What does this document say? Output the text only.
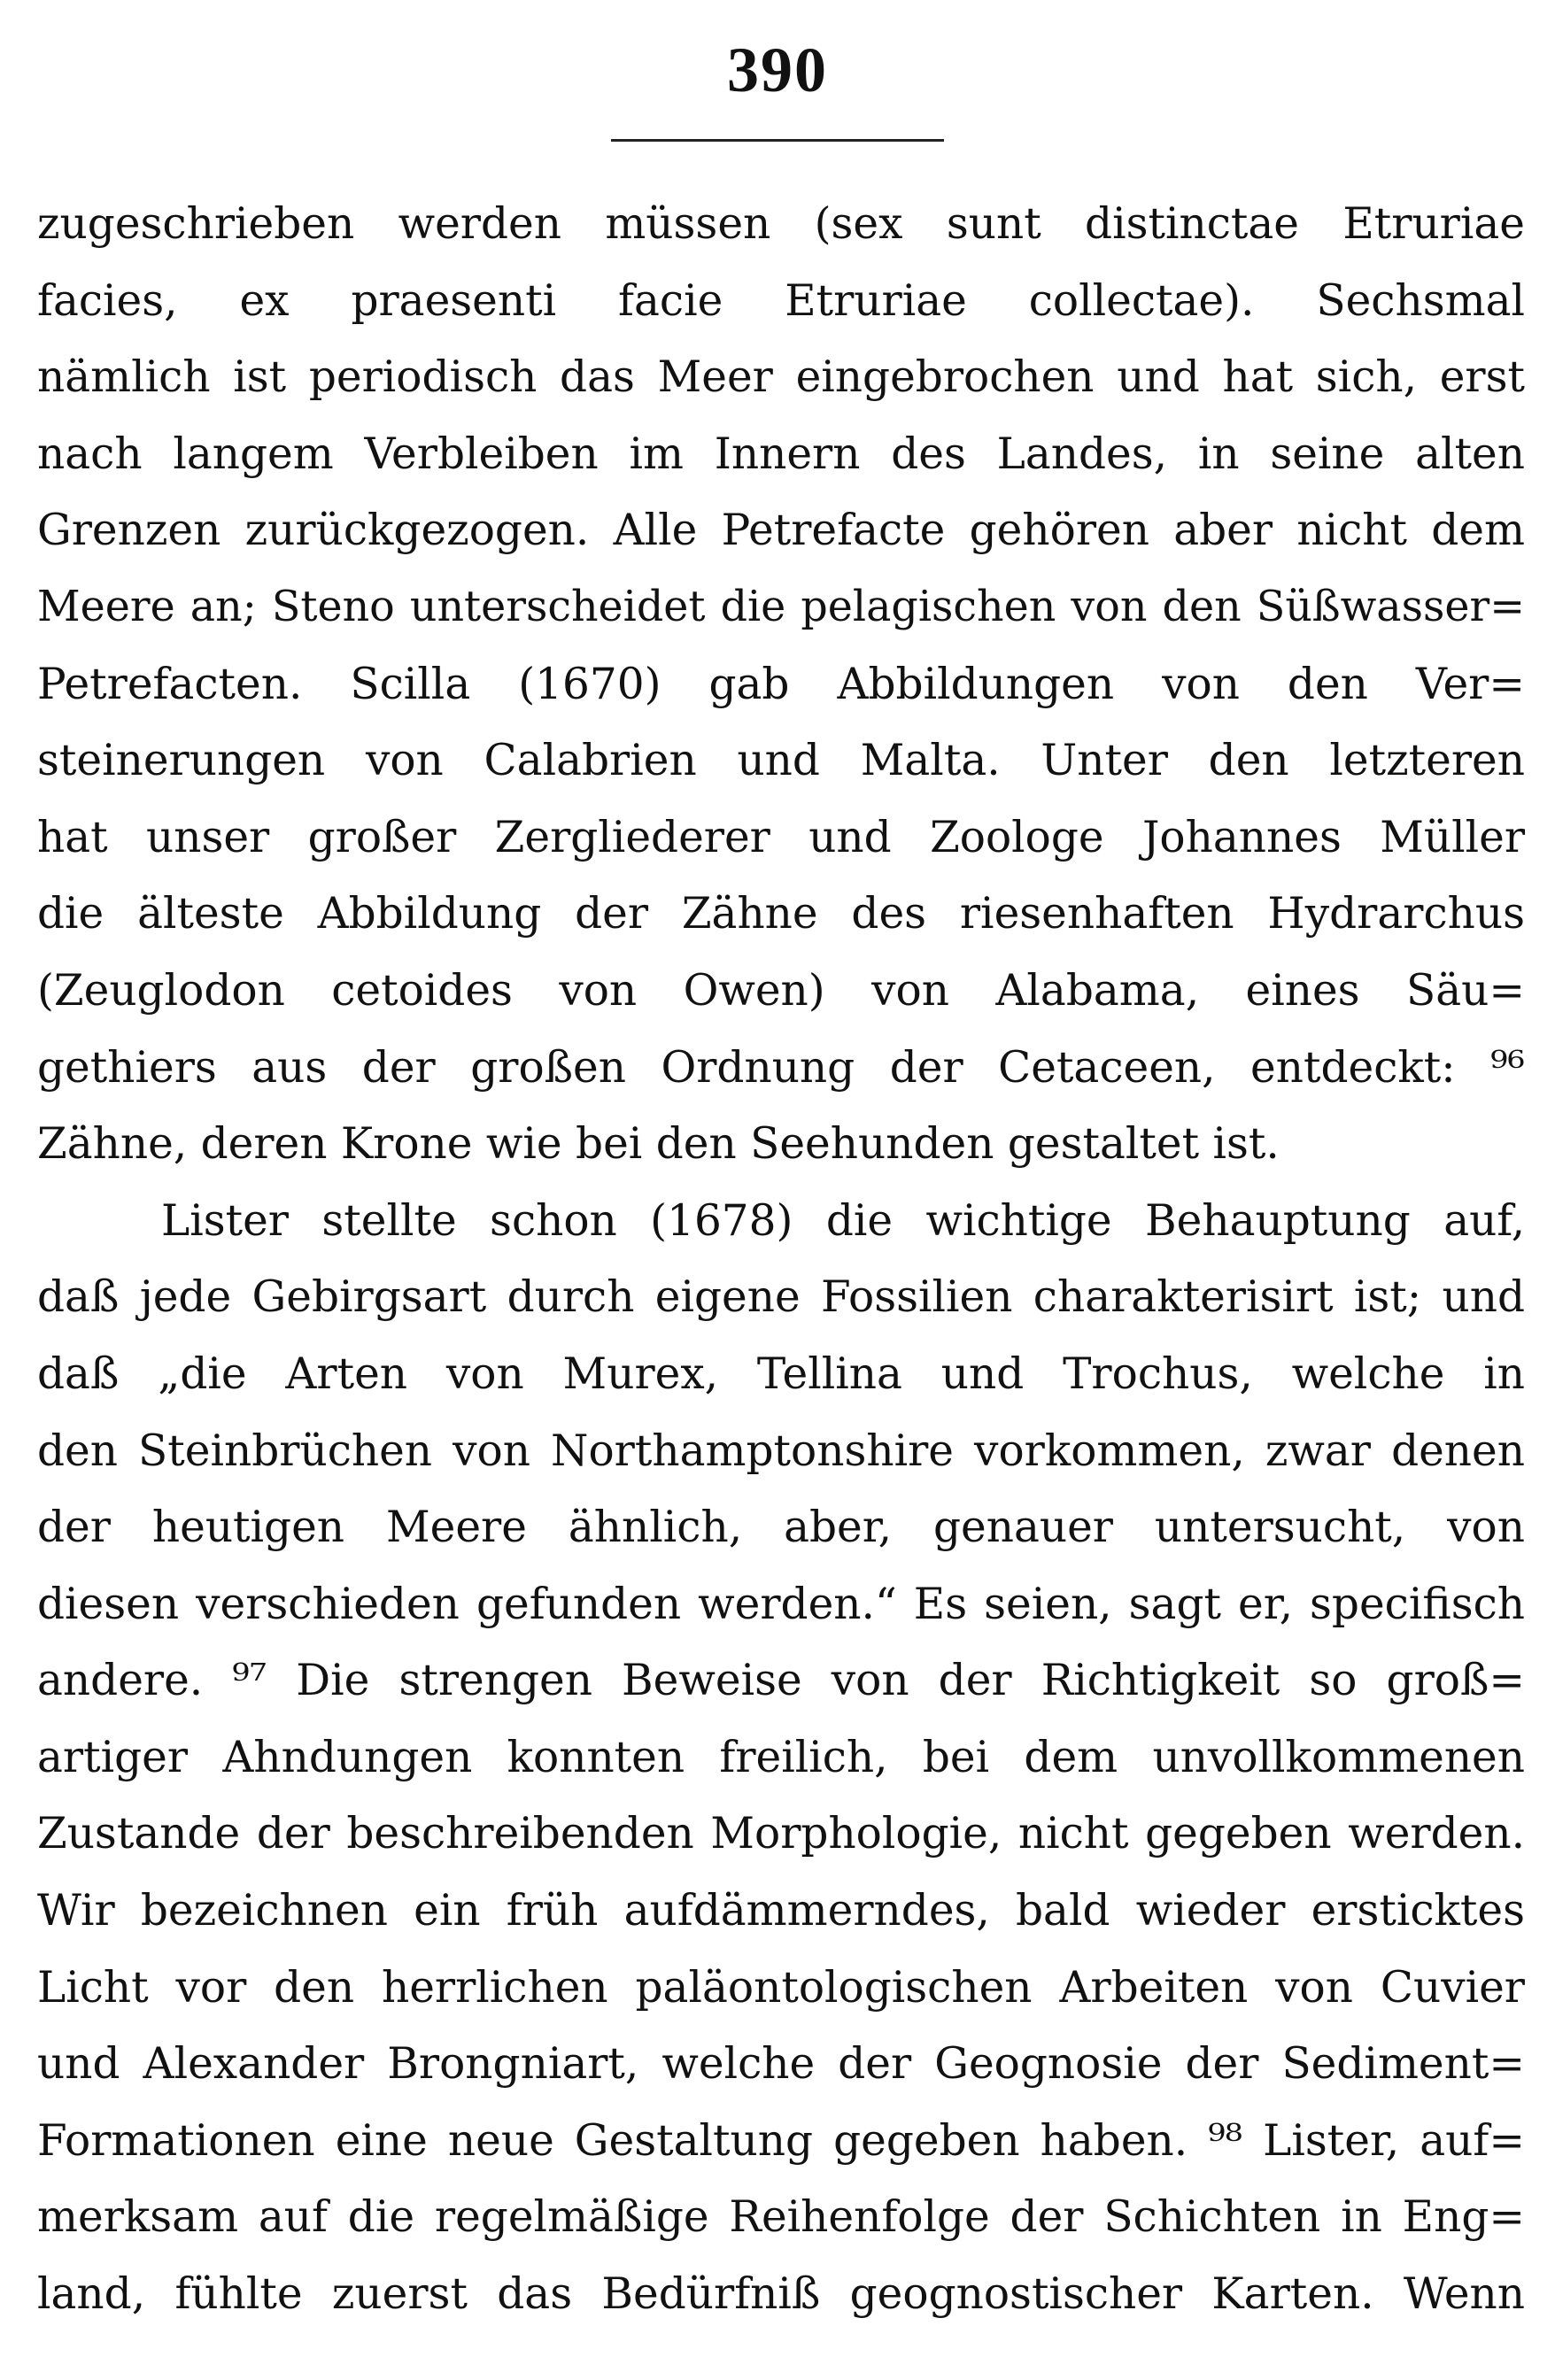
390
zugeschrieben werden müssen (sex sunt distinctae Etruriae
facies, ex praesenti facie Etruriae collectae). Sechsmal
nämlich ist periodisch das Meer eingebrochen und hat sich, erst
nach langem Verbleiben im Innern des Landes, in seine alten
Grenzen zurückgezogen. Alle Petrefacte gehören aber nicht dem
Meere an; Steno unterscheidet die pelagischen von den Süßwasser=
Petrefacten. Scilla (1670) gab Abbildungen von den Ver=
steinerungen von Calabrien und Malta. Unter den letzteren
hat unser großer Zergliederer und Zoologe Johannes Müller
die älteste Abbildung der Zähne des riesenhaften Hydrarchus
(Zeuglodon cetoides von Owen) von Alabama, eines Säu=
gethiers aus der großen Ordnung der Cetaceen, entdeckt: ⁹⁶
Zähne, deren Krone wie bei den Seehunden gestaltet ist.
Lister stellte schon (1678) die wichtige Behauptung auf,
daß jede Gebirgsart durch eigene Fossilien charakterisirt ist; und
daß „die Arten von Murex, Tellina und Trochus, welche in
den Steinbrüchen von Northamptonshire vorkommen, zwar denen
der heutigen Meere ähnlich, aber, genauer untersucht, von
diesen verschieden gefunden werden.“ Es seien, sagt er, specifisch
andere. ⁹⁷ Die strengen Beweise von der Richtigkeit so groß=
artiger Ahndungen konnten freilich, bei dem unvollkommenen
Zustande der beschreibenden Morphologie, nicht gegeben werden.
Wir bezeichnen ein früh aufdämmerndes, bald wieder ersticktes
Licht vor den herrlichen paläontologischen Arbeiten von Cuvier
und Alexander Brongniart, welche der Geognosie der Sediment=
Formationen eine neue Gestaltung gegeben haben. ⁹⁸ Lister, auf=
merksam auf die regelmäßige Reihenfolge der Schichten in Eng=
land, fühlte zuerst das Bedürfniß geognostischer Karten. Wenn
